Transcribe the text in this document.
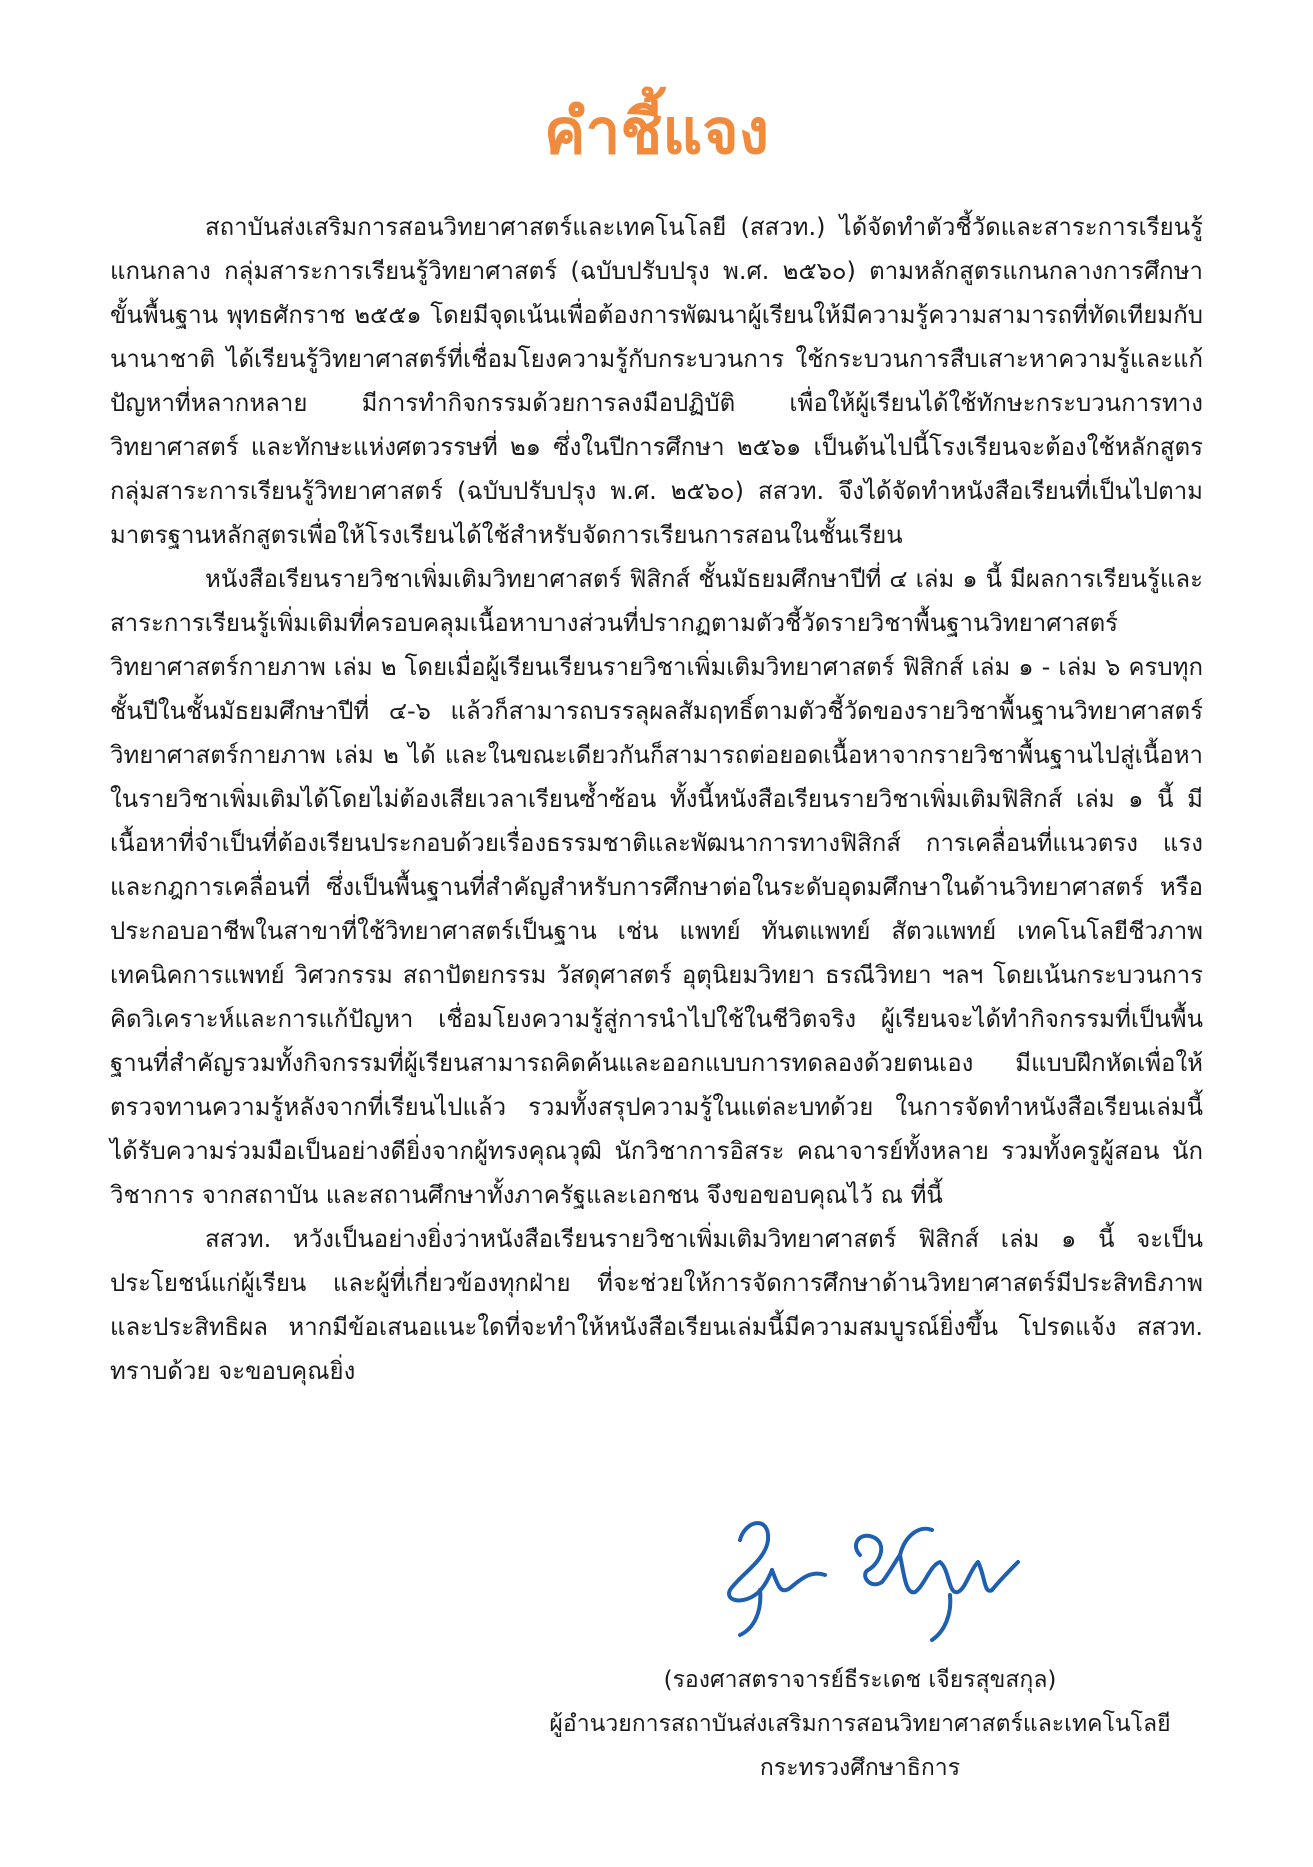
คำชี้แจง

สถาบันส่งเสริมการสอนวิทยาศาสตร์และเทคโนโลยี (สสวท.) ได้จัดทำตัวชี้วัดและสาระการเรียนรู้แกนกลาง กลุ่มสาระการเรียนรู้วิทยาศาสตร์ (ฉบับปรับปรุง พ.ศ. ๒๕๖๐) ตามหลักสูตรแกนกลางการศึกษาขั้นพื้นฐาน พุทธศักราช ๒๕๕๑ โดยมีจุดเน้นเพื่อต้องการพัฒนาผู้เรียนให้มีความรู้ความสามารถที่ทัดเทียมกับนานาชาติ ได้เรียนรู้วิทยาศาสตร์ที่เชื่อมโยงความรู้กับกระบวนการ ใช้กระบวนการสืบเสาะหาความรู้และแก้ปัญหาที่หลากหลาย มีการทำกิจกรรมด้วยการลงมือปฏิบัติ เพื่อให้ผู้เรียนได้ใช้ทักษะกระบวนการทางวิทยาศาสตร์ และทักษะแห่งศตวรรษที่ ๒๑ ซึ่งในปีการศึกษา ๒๕๖๑ เป็นต้นไปนี้โรงเรียนจะต้องใช้หลักสูตรกลุ่มสาระการเรียนรู้วิทยาศาสตร์ (ฉบับปรับปรุง พ.ศ. ๒๕๖๐) สสวท. จึงได้จัดทำหนังสือเรียนที่เป็นไปตามมาตรฐานหลักสูตรเพื่อให้โรงเรียนได้ใช้สำหรับจัดการเรียนการสอนในชั้นเรียน

หนังสือเรียนรายวิชาเพิ่มเติมวิทยาศาสตร์ ฟิสิกส์ ชั้นมัธยมศึกษาปีที่ ๔ เล่ม ๑ นี้ มีผลการเรียนรู้และสาระการเรียนรู้เพิ่มเติมที่ครอบคลุมเนื้อหาบางส่วนที่ปรากฏตามตัวชี้วัดรายวิชาพื้นฐานวิทยาศาสตร์ วิทยาศาสตร์กายภาพ เล่ม ๒ โดยเมื่อผู้เรียนเรียนรายวิชาเพิ่มเติมวิทยาศาสตร์ ฟิสิกส์ เล่ม ๑ - เล่ม ๖ ครบทุกชั้นปีในชั้นมัธยมศึกษาปีที่ ๔-๖ แล้วก็สามารถบรรลุผลสัมฤทธิ์ตามตัวชี้วัดของรายวิชาพื้นฐานวิทยาศาสตร์ วิทยาศาสตร์กายภาพ เล่ม ๒ ได้ และในขณะเดียวกันก็สามารถต่อยอดเนื้อหาจากรายวิชาพื้นฐานไปสู่เนื้อหาในรายวิชาเพิ่มเติมได้โดยไม่ต้องเสียเวลาเรียนซ้ำซ้อน ทั้งนี้หนังสือเรียนรายวิชาเพิ่มเติมฟิสิกส์ เล่ม ๑ นี้ มีเนื้อหาที่จำเป็นที่ต้องเรียนประกอบด้วยเรื่องธรรมชาติและพัฒนาการทางฟิสิกส์ การเคลื่อนที่แนวตรง แรงและกฎการเคลื่อนที่ ซึ่งเป็นพื้นฐานที่สำคัญสำหรับการศึกษาต่อในระดับอุดมศึกษาในด้านวิทยาศาสตร์ หรือประกอบอาชีพในสาขาที่ใช้วิทยาศาสตร์เป็นฐาน เช่น แพทย์ ทันตแพทย์ สัตวแพทย์ เทคโนโลยีชีวภาพ เทคนิคการแพทย์ วิศวกรรม สถาปัตยกรรม วัสดุศาสตร์ อุตุนิยมวิทยา ธรณีวิทยา ฯลฯ โดยเน้นกระบวนการคิดวิเคราะห์และการแก้ปัญหา เชื่อมโยงความรู้สู่การนำไปใช้ในชีวิตจริง ผู้เรียนจะได้ทำกิจกรรมที่เป็นพื้นฐานที่สำคัญรวมทั้งกิจกรรมที่ผู้เรียนสามารถคิดค้นและออกแบบการทดลองด้วยตนเอง มีแบบฝึกหัดเพื่อให้ตรวจทานความรู้หลังจากที่เรียนไปแล้ว รวมทั้งสรุปความรู้ในแต่ละบทด้วย ในการจัดทำหนังสือเรียนเล่มนี้ ได้รับความร่วมมือเป็นอย่างดียิ่งจากผู้ทรงคุณวุฒิ นักวิชาการอิสระ คณาจารย์ทั้งหลาย รวมทั้งครูผู้สอน นักวิชาการ จากสถาบัน และสถานศึกษาทั้งภาครัฐและเอกชน จึงขอขอบคุณไว้ ณ ที่นี้

สสวท. หวังเป็นอย่างยิ่งว่าหนังสือเรียนรายวิชาเพิ่มเติมวิทยาศาสตร์ ฟิสิกส์ เล่ม ๑ นี้ จะเป็นประโยชน์แก่ผู้เรียน และผู้ที่เกี่ยวข้องทุกฝ่าย ที่จะช่วยให้การจัดการศึกษาด้านวิทยาศาสตร์มีประสิทธิภาพและประสิทธิผล หากมีข้อเสนอแนะใดที่จะทำให้หนังสือเรียนเล่มนี้มีความสมบูรณ์ยิ่งขึ้น โปรดแจ้ง สสวท. ทราบด้วย จะขอบคุณยิ่ง

(รองศาสตราจารย์ธีระเดช เจียรสุขสกุล)
ผู้อำนวยการสถาบันส่งเสริมการสอนวิทยาศาสตร์และเทคโนโลยี
กระทรวงศึกษาธิการ
